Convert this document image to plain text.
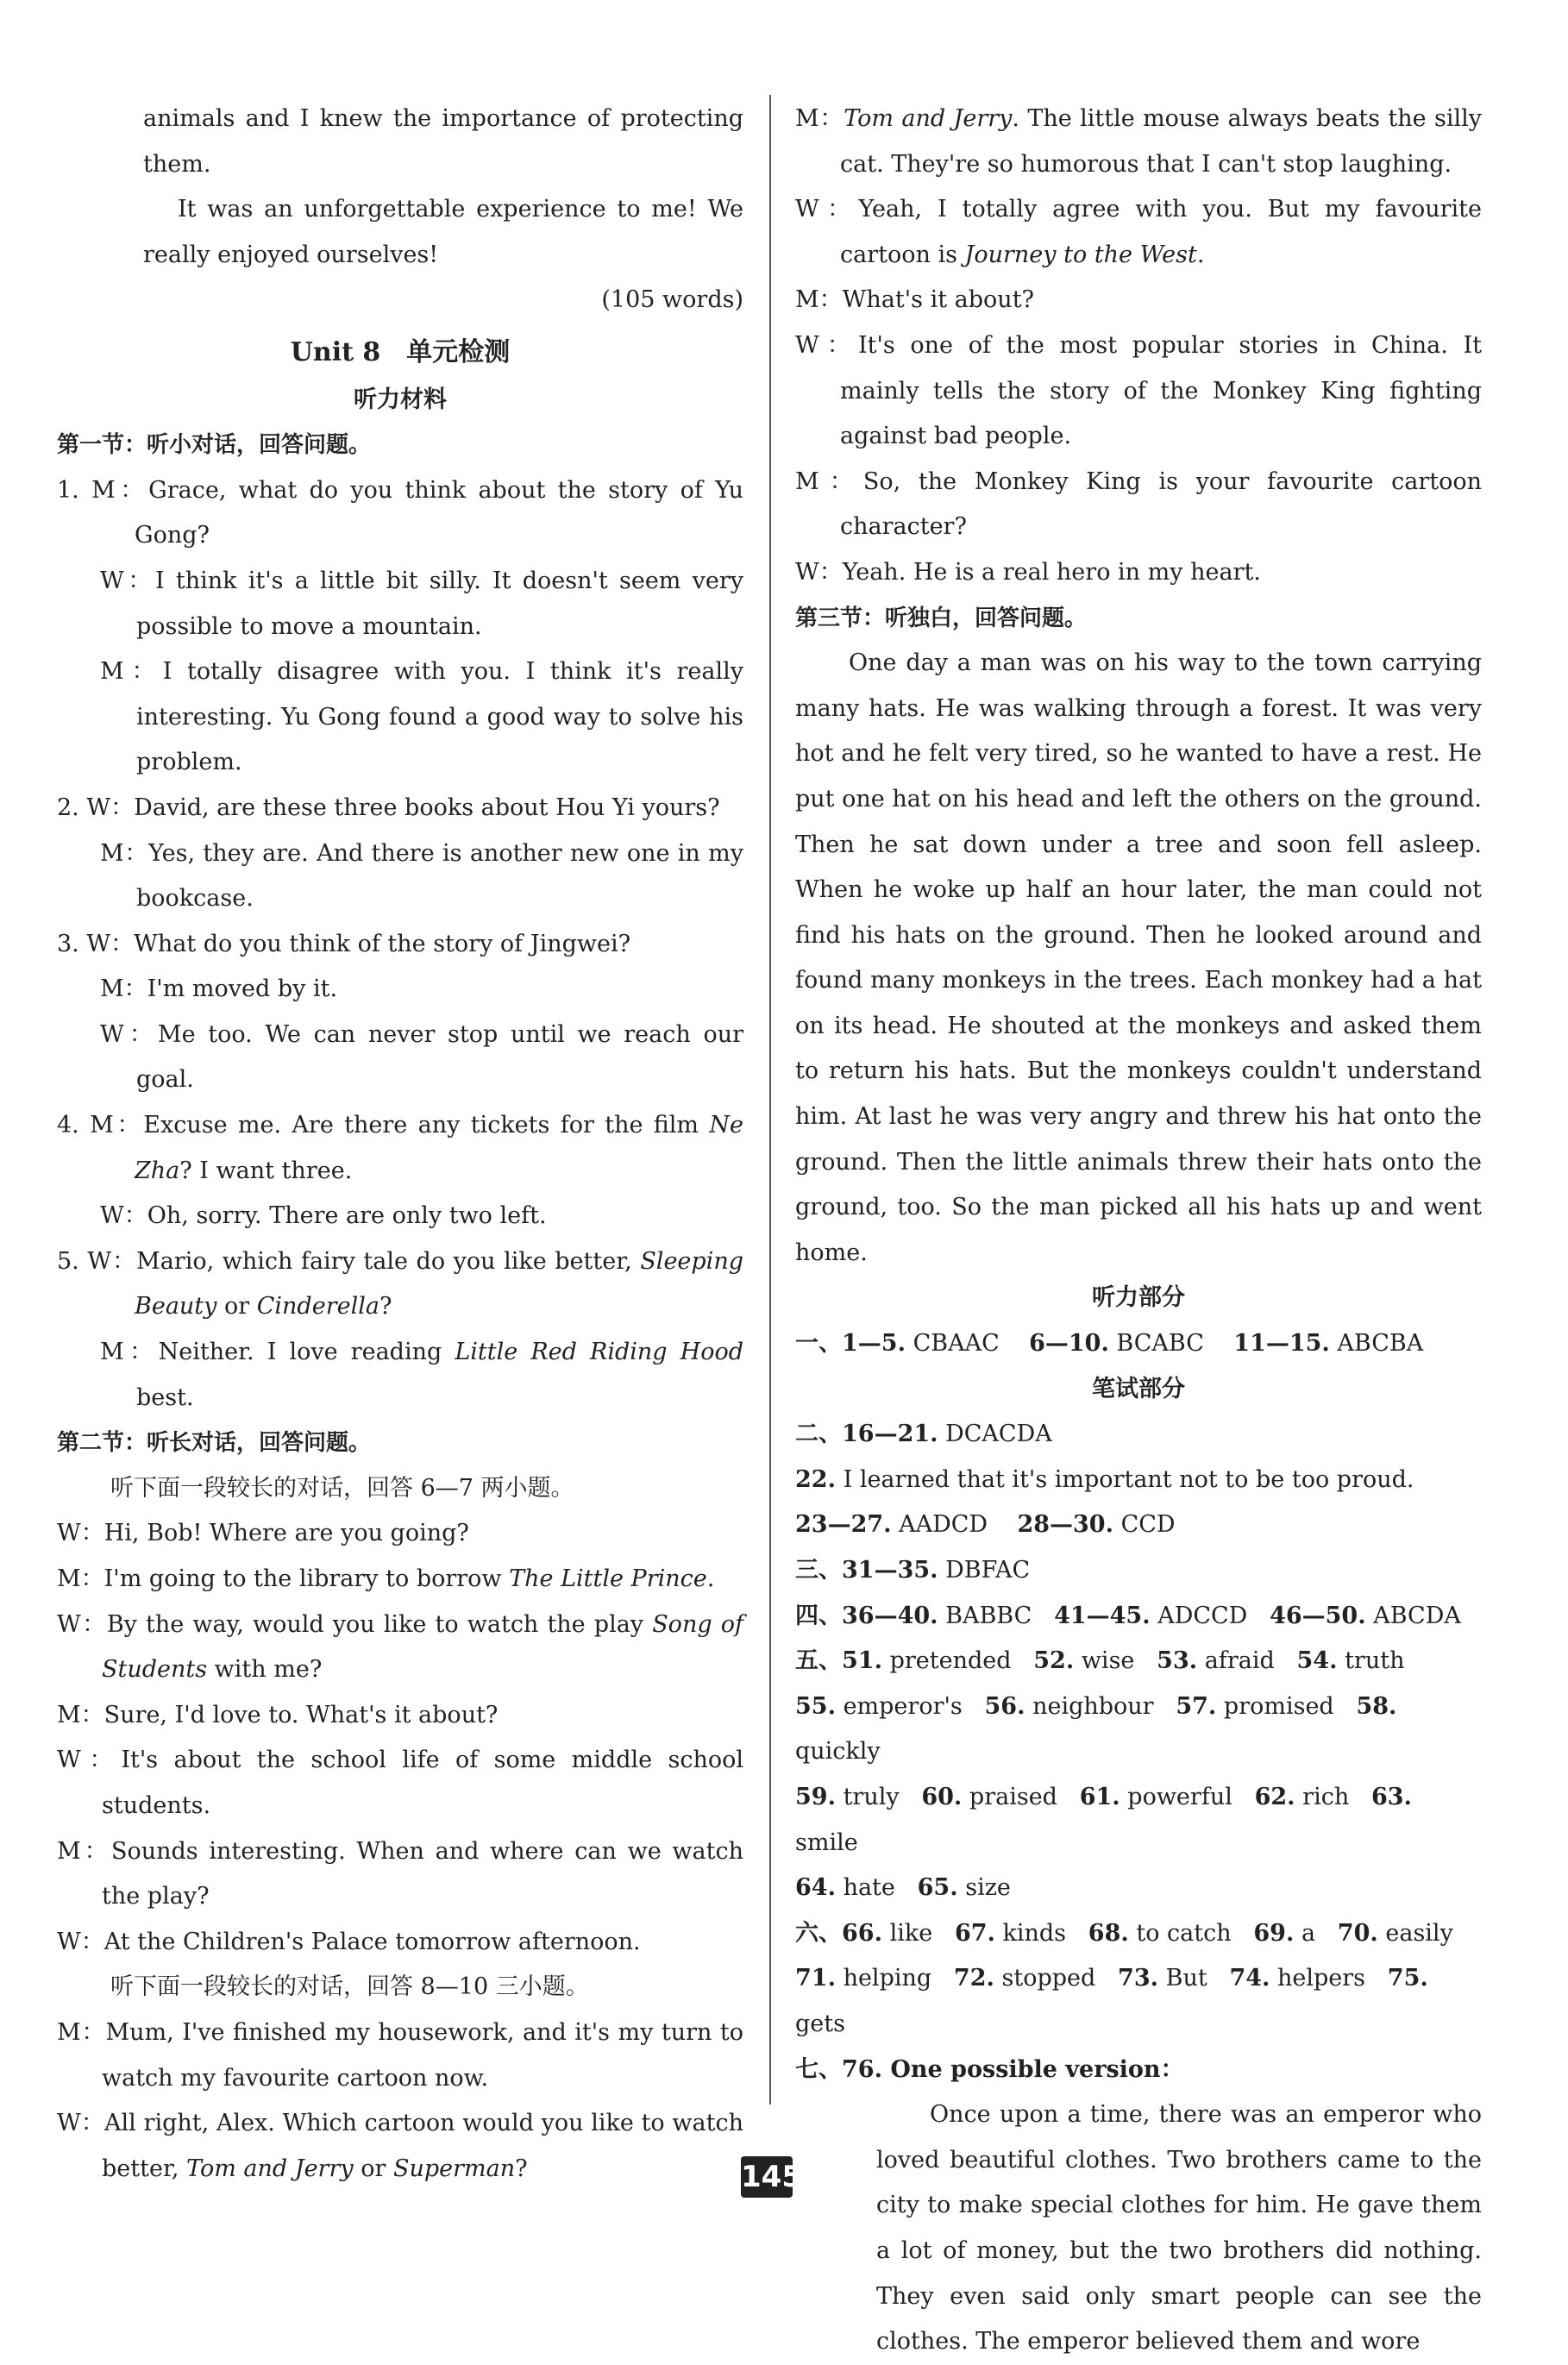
animals and I knew the importance of protecting them.
It was an unforgettable experience to me! We really enjoyed ourselves!
(105 words)
Unit 8　单元检测
听力材料
第一节：听小对话，回答问题。
1. M：Grace, what do you think about the story of Yu Gong?
W：I think it's a little bit silly. It doesn't seem very possible to move a mountain.
M：I totally disagree with you. I think it's really interesting. Yu Gong found a good way to solve his problem.
2. W：David, are these three books about Hou Yi yours?
M：Yes, they are. And there is another new one in my bookcase.
3. W：What do you think of the story of Jingwei?
M：I'm moved by it.
W：Me too. We can never stop until we reach our goal.
4. M：Excuse me. Are there any tickets for the film Ne Zha? I want three.
W：Oh, sorry. There are only two left.
5. W：Mario, which fairy tale do you like better, Sleeping Beauty or Cinderella?
M：Neither. I love reading Little Red Riding Hood best.
第二节：听长对话，回答问题。
听下面一段较长的对话，回答 6—7 两小题。
W：Hi, Bob! Where are you going?
M：I'm going to the library to borrow The Little Prince.
W：By the way, would you like to watch the play Song of Students with me?
M：Sure, I'd love to. What's it about?
W：It's about the school life of some middle school students.
M：Sounds interesting. When and where can we watch the play?
W：At the Children's Palace tomorrow afternoon.
听下面一段较长的对话，回答 8—10 三小题。
M：Mum, I've finished my housework, and it's my turn to watch my favourite cartoon now.
W：All right, Alex. Which cartoon would you like to watch better, Tom and Jerry or Superman?
M：Tom and Jerry. The little mouse always beats the silly cat. They're so humorous that I can't stop laughing.
W：Yeah, I totally agree with you. But my favourite cartoon is Journey to the West.
M：What's it about?
W：It's one of the most popular stories in China. It mainly tells the story of the Monkey King fighting against bad people.
M：So, the Monkey King is your favourite cartoon character?
W：Yeah. He is a real hero in my heart.
第三节：听独白，回答问题。
One day a man was on his way to the town carrying many hats. He was walking through a forest. It was very hot and he felt very tired, so he wanted to have a rest. He put one hat on his head and left the others on the ground. Then he sat down under a tree and soon fell asleep. When he woke up half an hour later, the man could not find his hats on the ground. Then he looked around and found many monkeys in the trees. Each monkey had a hat on its head. He shouted at the monkeys and asked them to return his hats. But the monkeys couldn't understand him. At last he was very angry and threw his hat onto the ground. Then the little animals threw their hats onto the ground, too. So the man picked all his hats up and went home.
听力部分
一、1—5. CBAAC 6—10. BCABC 11—15. ABCBA
笔试部分
二、16—21. DCACDA
22. I learned that it's important not to be too proud.
23—27. AADCD 28—30. CCD
三、31—35. DBFAC
四、36—40. BABBC 41—45. ADCCD 46—50. ABCDA
五、51. pretended 52. wise 53. afraid 54. truth
55. emperor's 56. neighbour 57. promised 58. quickly
59. truly 60. praised 61. powerful 62. rich 63. smile
64. hate 65. size
六、66. like 67. kinds 68. to catch 69. a 70. easily
71. helping 72. stopped 73. But 74. helpers 75. gets
七、76. One possible version：
Once upon a time, there was an emperor who loved beautiful clothes. Two brothers came to the city to make special clothes for him. He gave them a lot of money, but the two brothers did nothing. They even said only smart people can see the clothes. The emperor believed them and wore
145
